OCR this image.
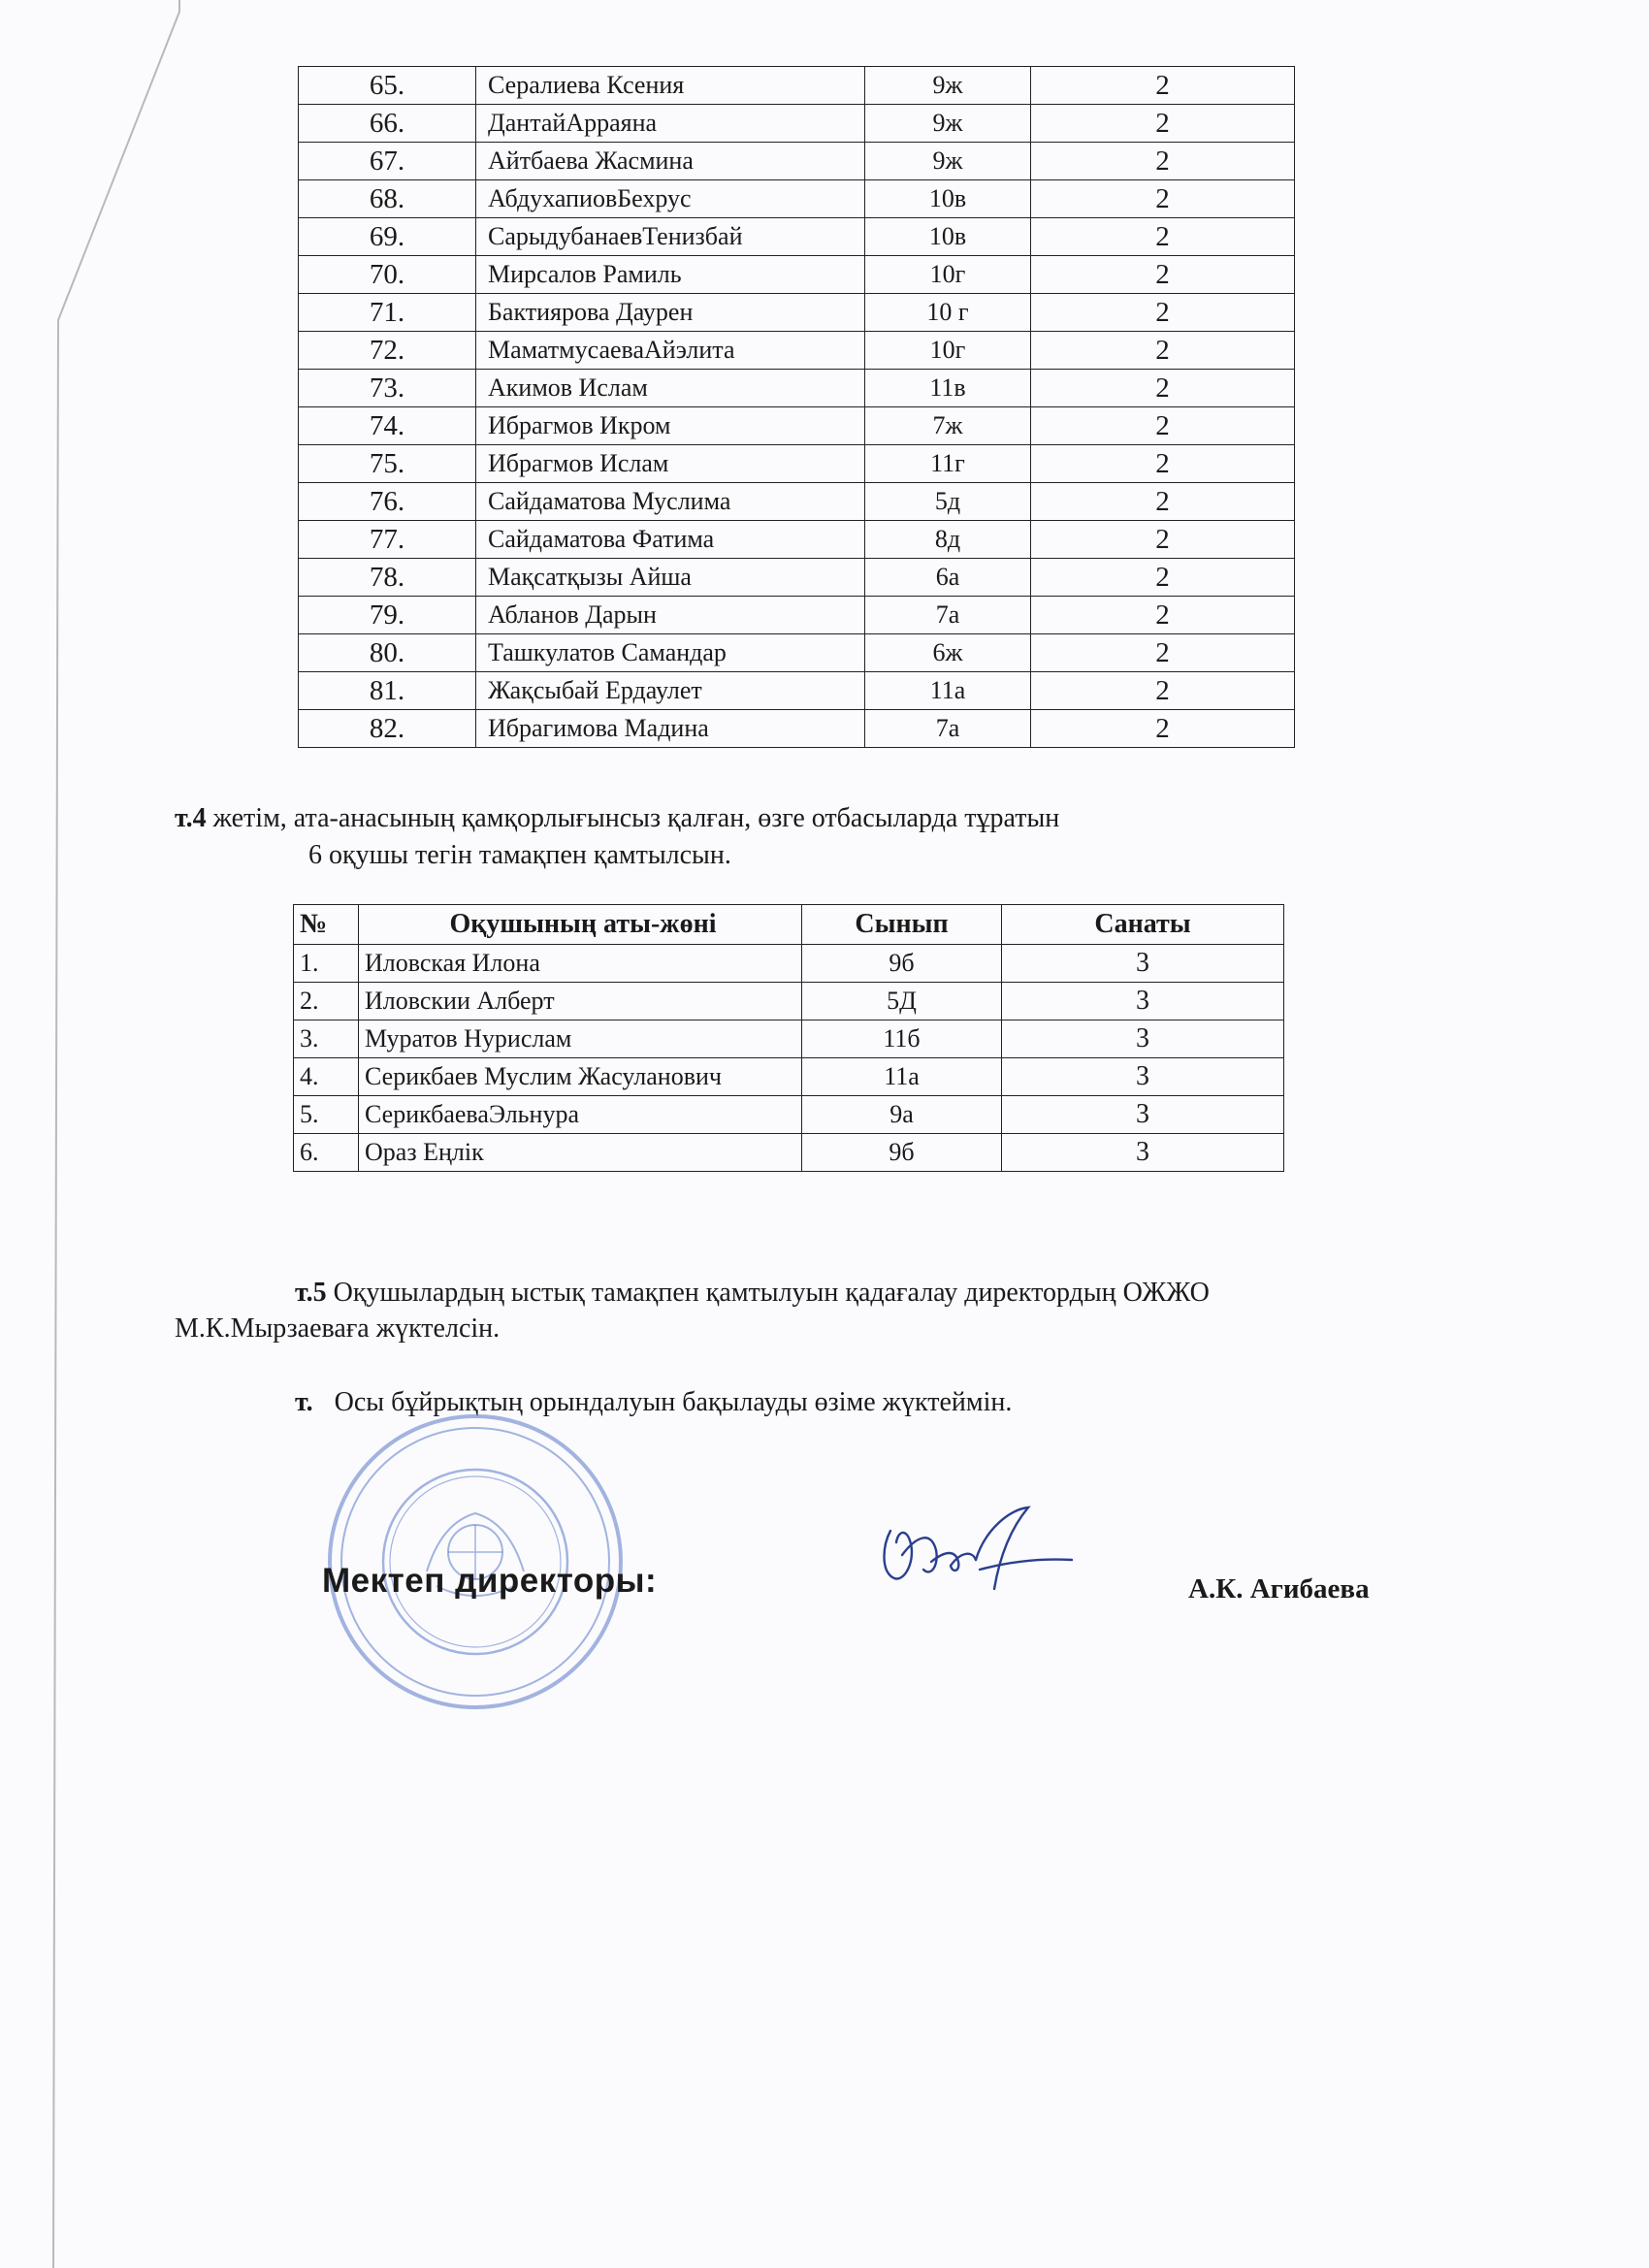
65.	Сералиева Ксения	9ж	2
66.	ДантайАрраяна	9ж	2
67.	Айтбаева Жасмина	9ж	2
68.	АбдухапиовБехрус	10в	2
69.	СарыдубанаевТенизбай	10в	2
70.	Мирсалов Рамиль	10г	2
71.	Бактиярова Даурен	10 г	2
72.	МаматмусаеваАйэлита	10г	2
73.	Акимов Ислам	11в	2
74.	Ибрагмов Икром	7ж	2
75.	Ибрагмов Ислам	11г	2
76.	Сайдаматова Муслима	5д	2
77.	Сайдаматова Фатима	8д	2
78.	Мақсатқызы Айша	6а	2
79.	Абланов Дарын	7а	2
80.	Ташкулатов Самандар	6ж	2
81.	Жақсыбай Ердаулет	11а	2
82.	Ибрагимова Мадина	7а	2
т.4 жетім, ата-анасының қамқорлығынсыз қалған, өзге отбасыларда тұратын
6 оқушы тегін тамақпен қамтылсын.
№	Оқушының аты-жөні	Сынып	Санаты
1.	Иловская Илона	9б	3
2.	Иловскии Алберт	5Д	3
3.	Муратов Нурислам	11б	3
4.	Серикбаев Муслим Жасуланович	11а	3
5.	СерикбаеваЭльнура	9а	3
6.	Ораз Еңлік	9б	3
т.5 Оқушылардың ыстық тамақпен қамтылуын қадағалау директордың ОЖЖО
М.К.Мырзаеваға жүктелсін.
т. Осы бұйрықтың орындалуын бақылауды өзіме жүктеймін.
Мектеп директоры:	А.К. Агибаева
